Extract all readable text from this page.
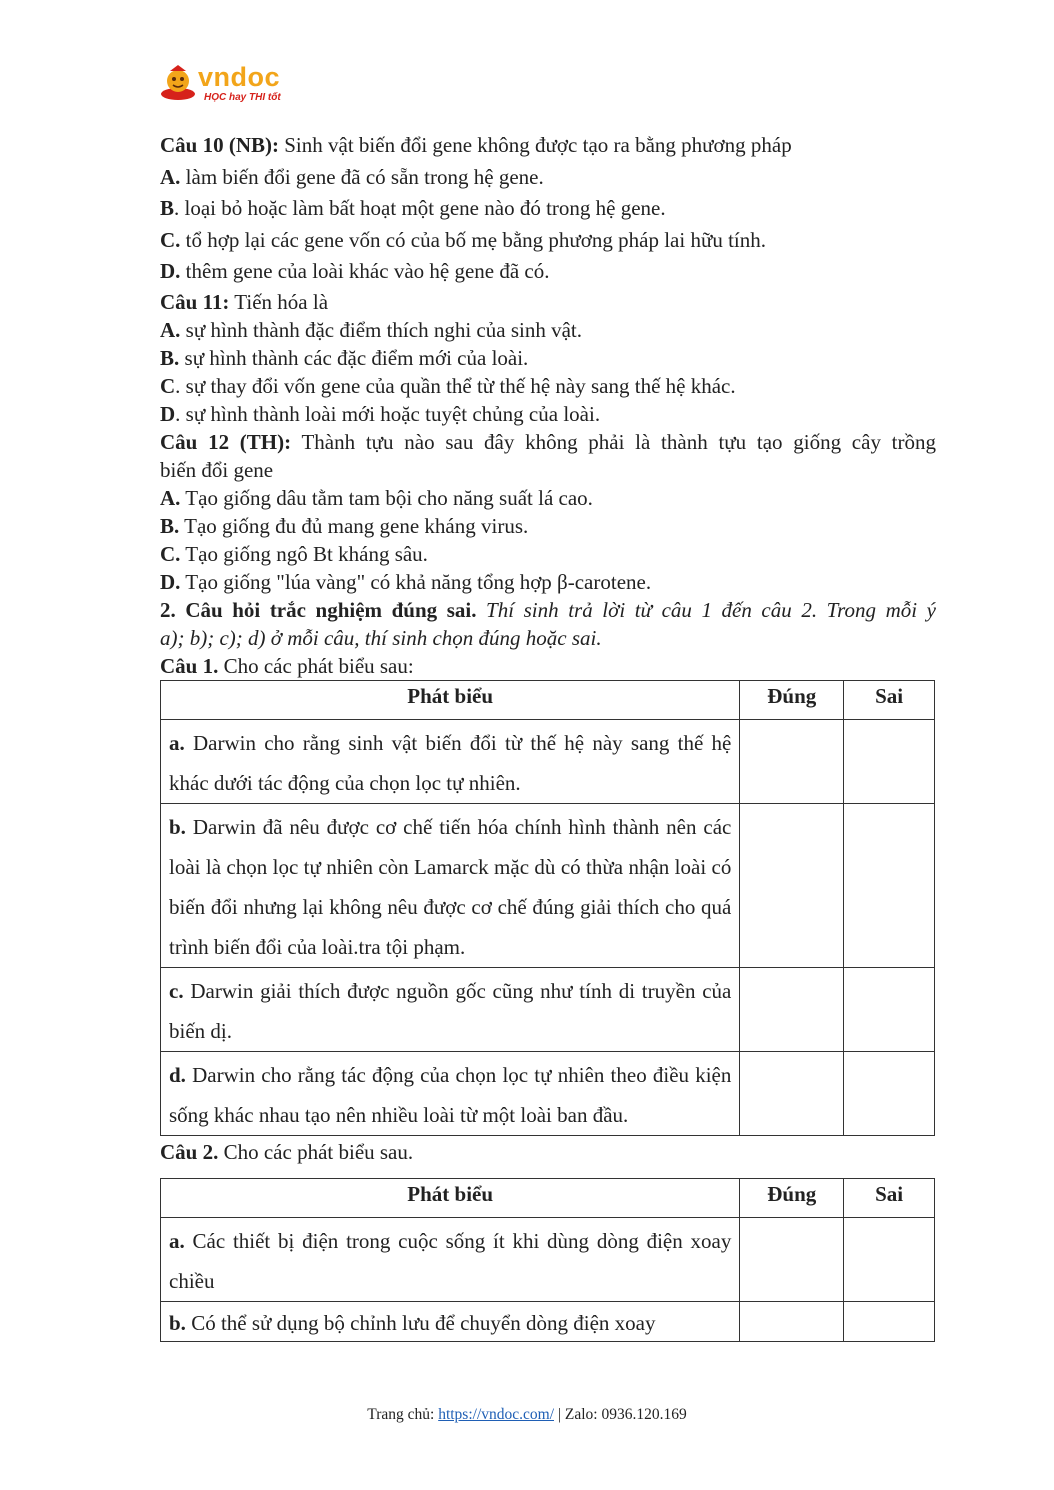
vndoc
HỌC hay THI tốt
Câu 10 (NB): Sinh vật biến đổi gene không được tạo ra bằng phương pháp
A. làm biến đổi gene đã có sẵn trong hệ gene.
B. loại bỏ hoặc làm bất hoạt một gene nào đó trong hệ gene.
C. tổ hợp lại các gene vốn có của bố mẹ bằng phương pháp lai hữu tính.
D. thêm gene của loài khác vào hệ gene đã có.
Câu 11: Tiến hóa là
A. sự hình thành đặc điểm thích nghi của sinh vật.
B. sự hình thành các đặc điểm mới của loài.
C. sự thay đổi vốn gene của quần thể từ thế hệ này sang thế hệ khác.
D. sự hình thành loài mới hoặc tuyệt chủng của loài.
Câu 12 (TH): Thành tựu nào sau đây không phải là thành tựu tạo giống cây trồng
biến đổi gene
A. Tạo giống dâu tằm tam bội cho năng suất lá cao.
B. Tạo giống đu đủ mang gene kháng virus.
C. Tạo giống ngô Bt kháng sâu.
D. Tạo giống "lúa vàng" có khả năng tổng hợp β-carotene.
2. Câu hỏi trắc nghiệm đúng sai. Thí sinh trả lời từ câu 1 đến câu 2. Trong mỗi ý
a); b); c); d) ở mỗi câu, thí sinh chọn đúng hoặc sai.
Câu 1. Cho các phát biểu sau:
Phát biểu	Đúng	Sai
a. Darwin cho rằng sinh vật biến đổi từ thế hệ này sang thế hệ khác dưới tác động của chọn lọc tự nhiên.		
b. Darwin đã nêu được cơ chế tiến hóa chính hình thành nên các loài là chọn lọc tự nhiên còn Lamarck mặc dù có thừa nhận loài có biến đổi nhưng lại không nêu được cơ chế đúng giải thích cho quá trình biến đổi của loài.tra tội phạm.		
c. Darwin giải thích được nguồn gốc cũng như tính di truyền của biến dị.		
d. Darwin cho rằng tác động của chọn lọc tự nhiên theo điều kiện sống khác nhau tạo nên nhiều loài từ một loài ban đầu.		
Câu 2. Cho các phát biểu sau.
Phát biểu	Đúng	Sai
a. Các thiết bị điện trong cuộc sống ít khi dùng dòng điện xoay chiều		
b. Có thể sử dụng bộ chỉnh lưu để chuyển dòng điện xoay		
Trang chủ: https://vndoc.com/ | Zalo: 0936.120.169
